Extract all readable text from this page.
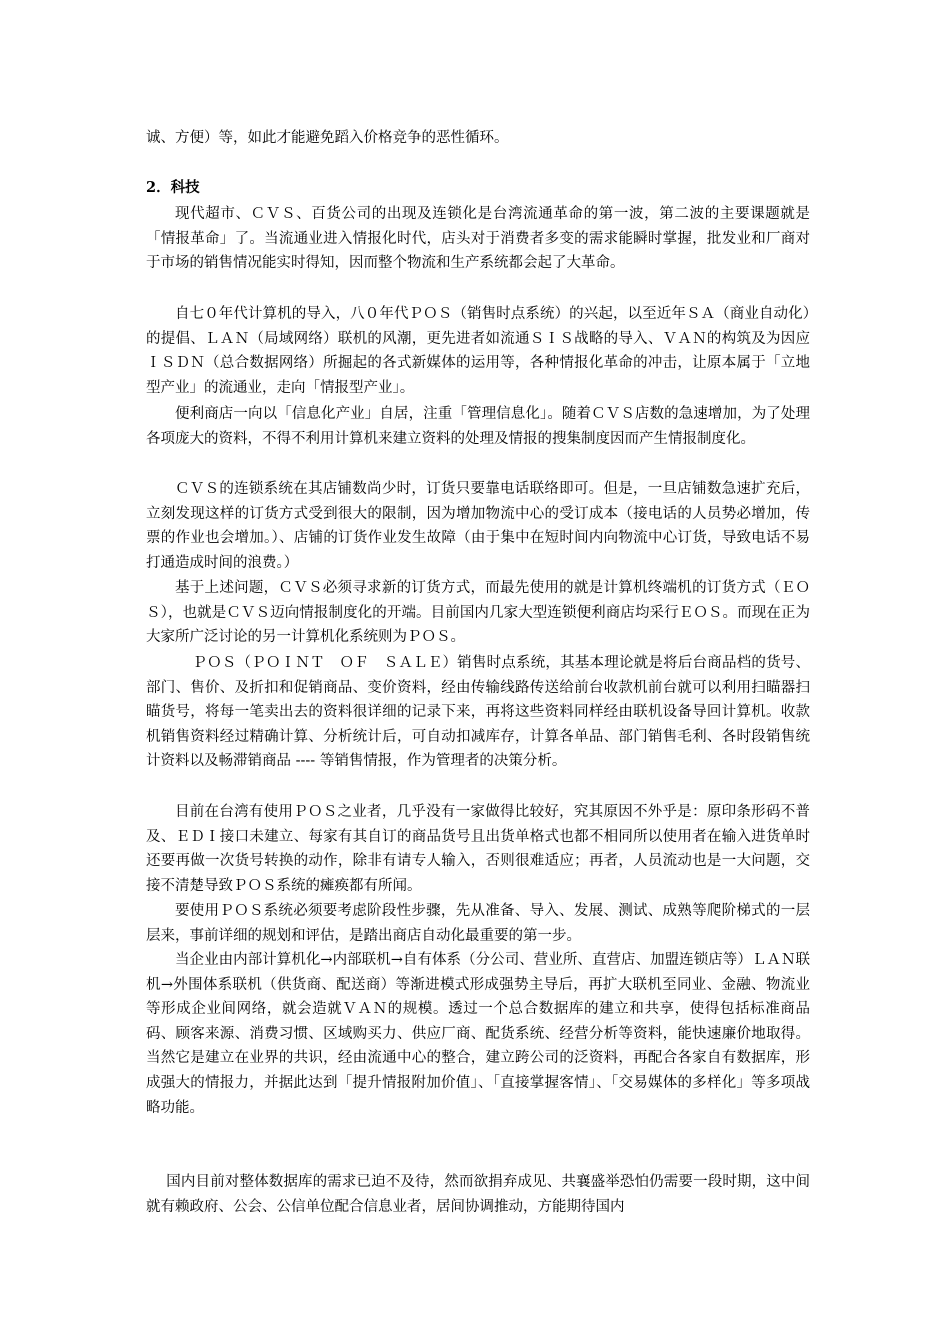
诚、方便）等，如此才能避免蹈入价格竞争的恶性循环。

2．科技

现代超市、ＣＶＳ、百货公司的出现及连锁化是台湾流通革命的第一波，第二波的主要课题就是「情报革命」了。当流通业进入情报化时代，店头对于消费者多变的需求能瞬时掌握，批发业和厂商对于市场的销售情况能实时得知，因而整个物流和生产系统都会起了大革命。

自七０年代计算机的导入，八０年代ＰＯＳ（销售时点系统）的兴起，以至近年ＳＡ（商业自动化）的提倡、ＬＡＮ（局域网络）联机的风潮，更先进者如流通ＳＩＳ战略的导入、ＶＡＮ的构筑及为因应ＩＳＤＮ（总合数据网络）所掘起的各式新媒体的运用等，各种情报化革命的冲击，让原本属于「立地型产业」的流通业，走向「情报型产业」。

便利商店一向以「信息化产业」自居，注重「管理信息化」。随着ＣＶＳ店数的急速增加，为了处理各项庞大的资料，不得不利用计算机来建立资料的处理及情报的搜集制度因而产生情报制度化。

ＣＶＳ的连锁系统在其店铺数尚少时，订货只要靠电话联络即可。但是，一旦店铺数急速扩充后，立刻发现这样的订货方式受到很大的限制，因为增加物流中心的受订成本（接电话的人员势必增加，传票的作业也会增加。）、店铺的订货作业发生故障（由于集中在短时间内向物流中心订货，导致电话不易打通造成时间的浪费。）

基于上述问题，ＣＶＳ必须寻求新的订货方式，而最先使用的就是计算机终端机的订货方式（ＥＯＳ），也就是ＣＶＳ迈向情报制度化的开端。目前国内几家大型连锁便利商店均采行ＥＯＳ。而现在正为大家所广泛讨论的另一计算机化系统则为ＰＯＳ。

ＰＯＳ（ＰＯＩＮＴ　ＯＦ　ＳＡＬＥ）销售时点系统，其基本理论就是将后台商品档的货号、部门、售价、及折扣和促销商品、变价资料，经由传输线路传送给前台收款机前台就可以利用扫瞄器扫瞄货号，将每一笔卖出去的资料很详细的记录下来，再将这些资料同样经由联机设备导回计算机。收款机销售资料经过精确计算、分析统计后，可自动扣减库存，计算各单品、部门销售毛利、各时段销售统计资料以及畅滞销商品 ---- 等销售情报，作为管理者的决策分析。

目前在台湾有使用ＰＯＳ之业者，几乎没有一家做得比较好，究其原因不外乎是：原印条形码不普及、ＥＤＩ接口未建立、每家有其自订的商品货号且出货单格式也都不相同所以使用者在输入进货单时还要再做一次货号转换的动作，除非有请专人输入，否则很难适应；再者，人员流动也是一大问题，交接不清楚导致ＰＯＳ系统的瘫痪都有所闻。

要使用ＰＯＳ系统必须要考虑阶段性步骤，先从准备、导入、发展、测试、成熟等爬阶梯式的一层层来，事前详细的规划和评估，是踏出商店自动化最重要的第一步。

当企业由内部计算机化→内部联机→自有体系（分公司、营业所、直营店、加盟连锁店等）ＬＡＮ联机→外围体系联机（供货商、配送商）等渐进模式形成强势主导后，再扩大联机至同业、金融、物流业等形成企业间网络，就会造就ＶＡＮ的规模。透过一个总合数据库的建立和共享，使得包括标准商品码、顾客来源、消费习惯、区域购买力、供应厂商、配货系统、经营分析等资料，能快速廉价地取得。当然它是建立在业界的共识，经由流通中心的整合，建立跨公司的泛资料，再配合各家自有数据库，形成强大的情报力，并据此达到「提升情报附加价值」、「直接掌握客情」、「交易媒体的多样化」等多项战略功能。

国内目前对整体数据库的需求已迫不及待，然而欲捐弃成见、共襄盛举恐怕仍需要一段时期，这中间就有赖政府、公会、公信单位配合信息业者，居间协调推动，方能期待国内
